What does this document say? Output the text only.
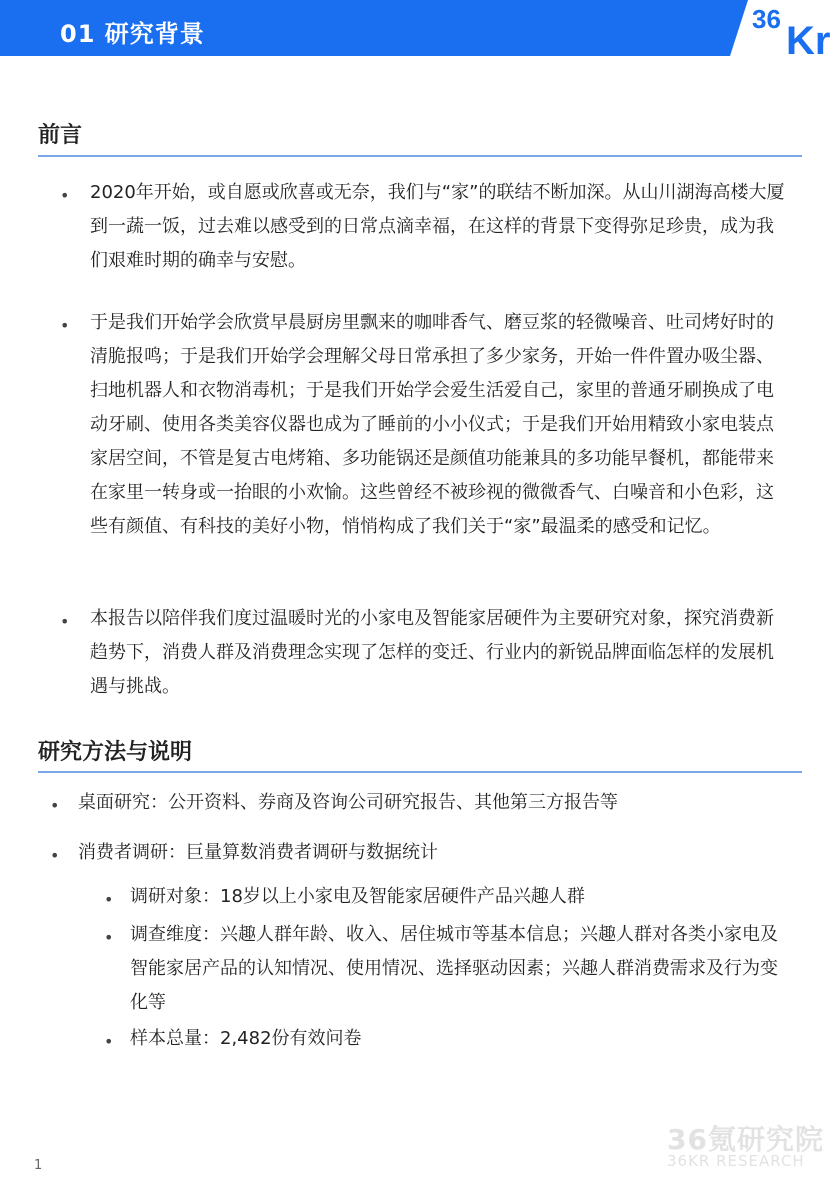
01 研究背景	36 Kr
前言
• 2020年开始，或自愿或欣喜或无奈，我们与“家”的联结不断加深。从山川湖海高楼大厦到一蔬一饭，过去难以感受到的日常点滴幸福，在这样的背景下变得弥足珍贵，成为我们艰难时期的确幸与安慰。

• 于是我们开始学会欣赏早晨厨房里飘来的咖啡香气、磨豆浆的轻微噪音、吐司烤好时的清脆报鸣；于是我们开始学会理解父母日常承担了多少家务，开始一件件置办吸尘器、扫地机器人和衣物消毒机；于是我们开始学会爱生活爱自己，家里的普通牙刷换成了电动牙刷、使用各类美容仪器也成为了睡前的小小仪式；于是我们开始用精致小家电装点家居空间，不管是复古电烤箱、多功能锅还是颜值功能兼具的多功能早餐机，都能带来在家里一转身或一抬眼的小欢愉。这些曾经不被珍视的微微香气、白噪音和小色彩，这些有颜值、有科技的美好小物，悄悄构成了我们关于“家”最温柔的感受和记忆。

• 本报告以陪伴我们度过温暖时光的小家电及智能家居硬件为主要研究对象，探究消费新趋势下，消费人群及消费理念实现了怎样的变迁、行业内的新锐品牌面临怎样的发展机遇与挑战。

研究方法与说明
• 桌面研究：公开资料、券商及咨询公司研究报告、其他第三方报告等

• 消费者调研：巨量算数消费者调研与数据统计

• 调研对象：18岁以上小家电及智能家居硬件产品兴趣人群

• 调查维度：兴趣人群年龄、收入、居住城市等基本信息；兴趣人群对各类小家电及智能家居产品的认知情况、使用情况、选择驱动因素；兴趣人群消费需求及行为变化等

• 样本总量：2,482份有效问卷

1
36氪研究院
36KR RESEARCH
